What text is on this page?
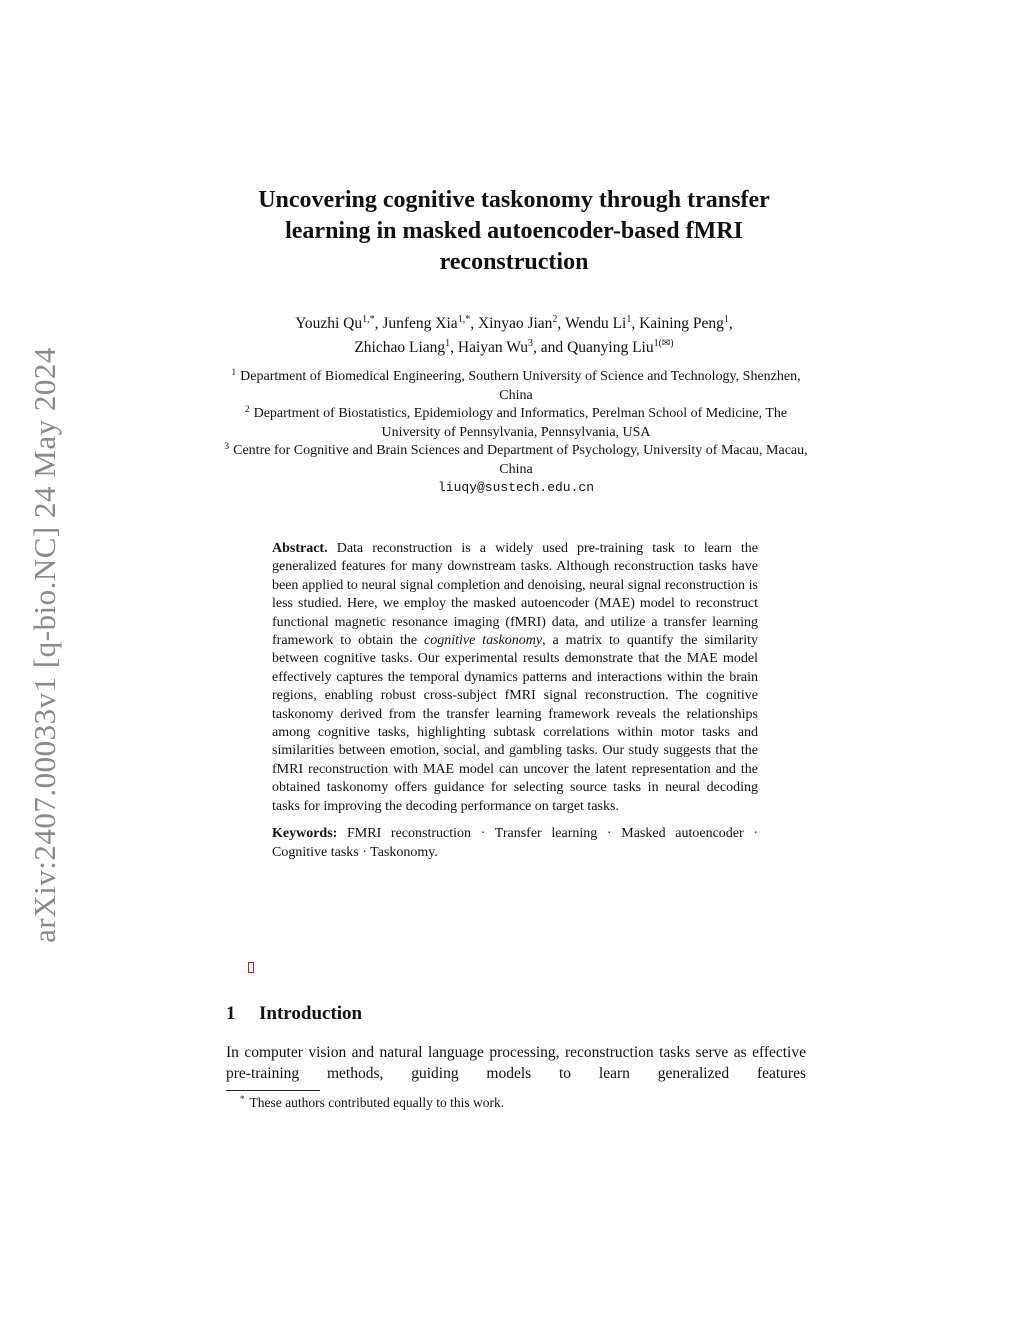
arXiv:2407.00033v1 [q-bio.NC] 24 May 2024
Uncovering cognitive taskonomy through transfer learning in masked autoencoder-based fMRI reconstruction
Youzhi $Qu^{1,*}$, Junfeng Xia$^{1,*}$, Xinyao Jian$^2$, Wendu Li$^1$, Kaining Peng$^1$,
Zhichao Liang$^1$, Haiyan Wu$^3$, and Quanying Liu$^{1(✉)}$
$^1$ Department of Biomedical Engineering, Southern University of Science and Technology, Shenzhen, China
$^2$ Department of Biostatistics, Epidemiology and Informatics, Perelman School of Medicine, The University of Pennsylvania, Pennsylvania, USA
$^3$ Centre for Cognitive and Brain Sciences and Department of Psychology, University of Macau, Macau, China
liuqy@sustech.edu.cn

Abstract. Data reconstruction is a widely used pre-training task to learn the generalized features for many downstream tasks. Although reconstruction tasks have been applied to neural signal completion and denoising, neural signal reconstruction is less studied. Here, we employ the masked autoencoder (MAE) model to reconstruct functional magnetic resonance imaging (fMRI) data, and utilize a transfer learning framework to obtain the cognitive taskonomy, a matrix to quantify the similarity between cognitive tasks. Our experimental results demonstrate that the MAE model effectively captures the temporal dynamics patterns and interactions within the brain regions, enabling robust cross-subject fMRI signal reconstruction. The cognitive taskonomy derived from the transfer learning framework reveals the relationships among cognitive tasks, highlighting subtask correlations within motor tasks and similarities between emotion, social, and gambling tasks. Our study suggests that the fMRI reconstruction with MAE model can uncover the latent representation and the obtained taskonomy offers guidance for selecting source tasks in neural decoding tasks for improving the decoding performance on target tasks.

Keywords: FMRI reconstruction · Transfer learning · Masked autoencoder · Cognitive tasks · Taskonomy.

1 Introduction

In computer vision and natural language processing, reconstruction tasks serve as effective pre-training methods, guiding models to learn generalized features

* These authors contributed equally to this work.
